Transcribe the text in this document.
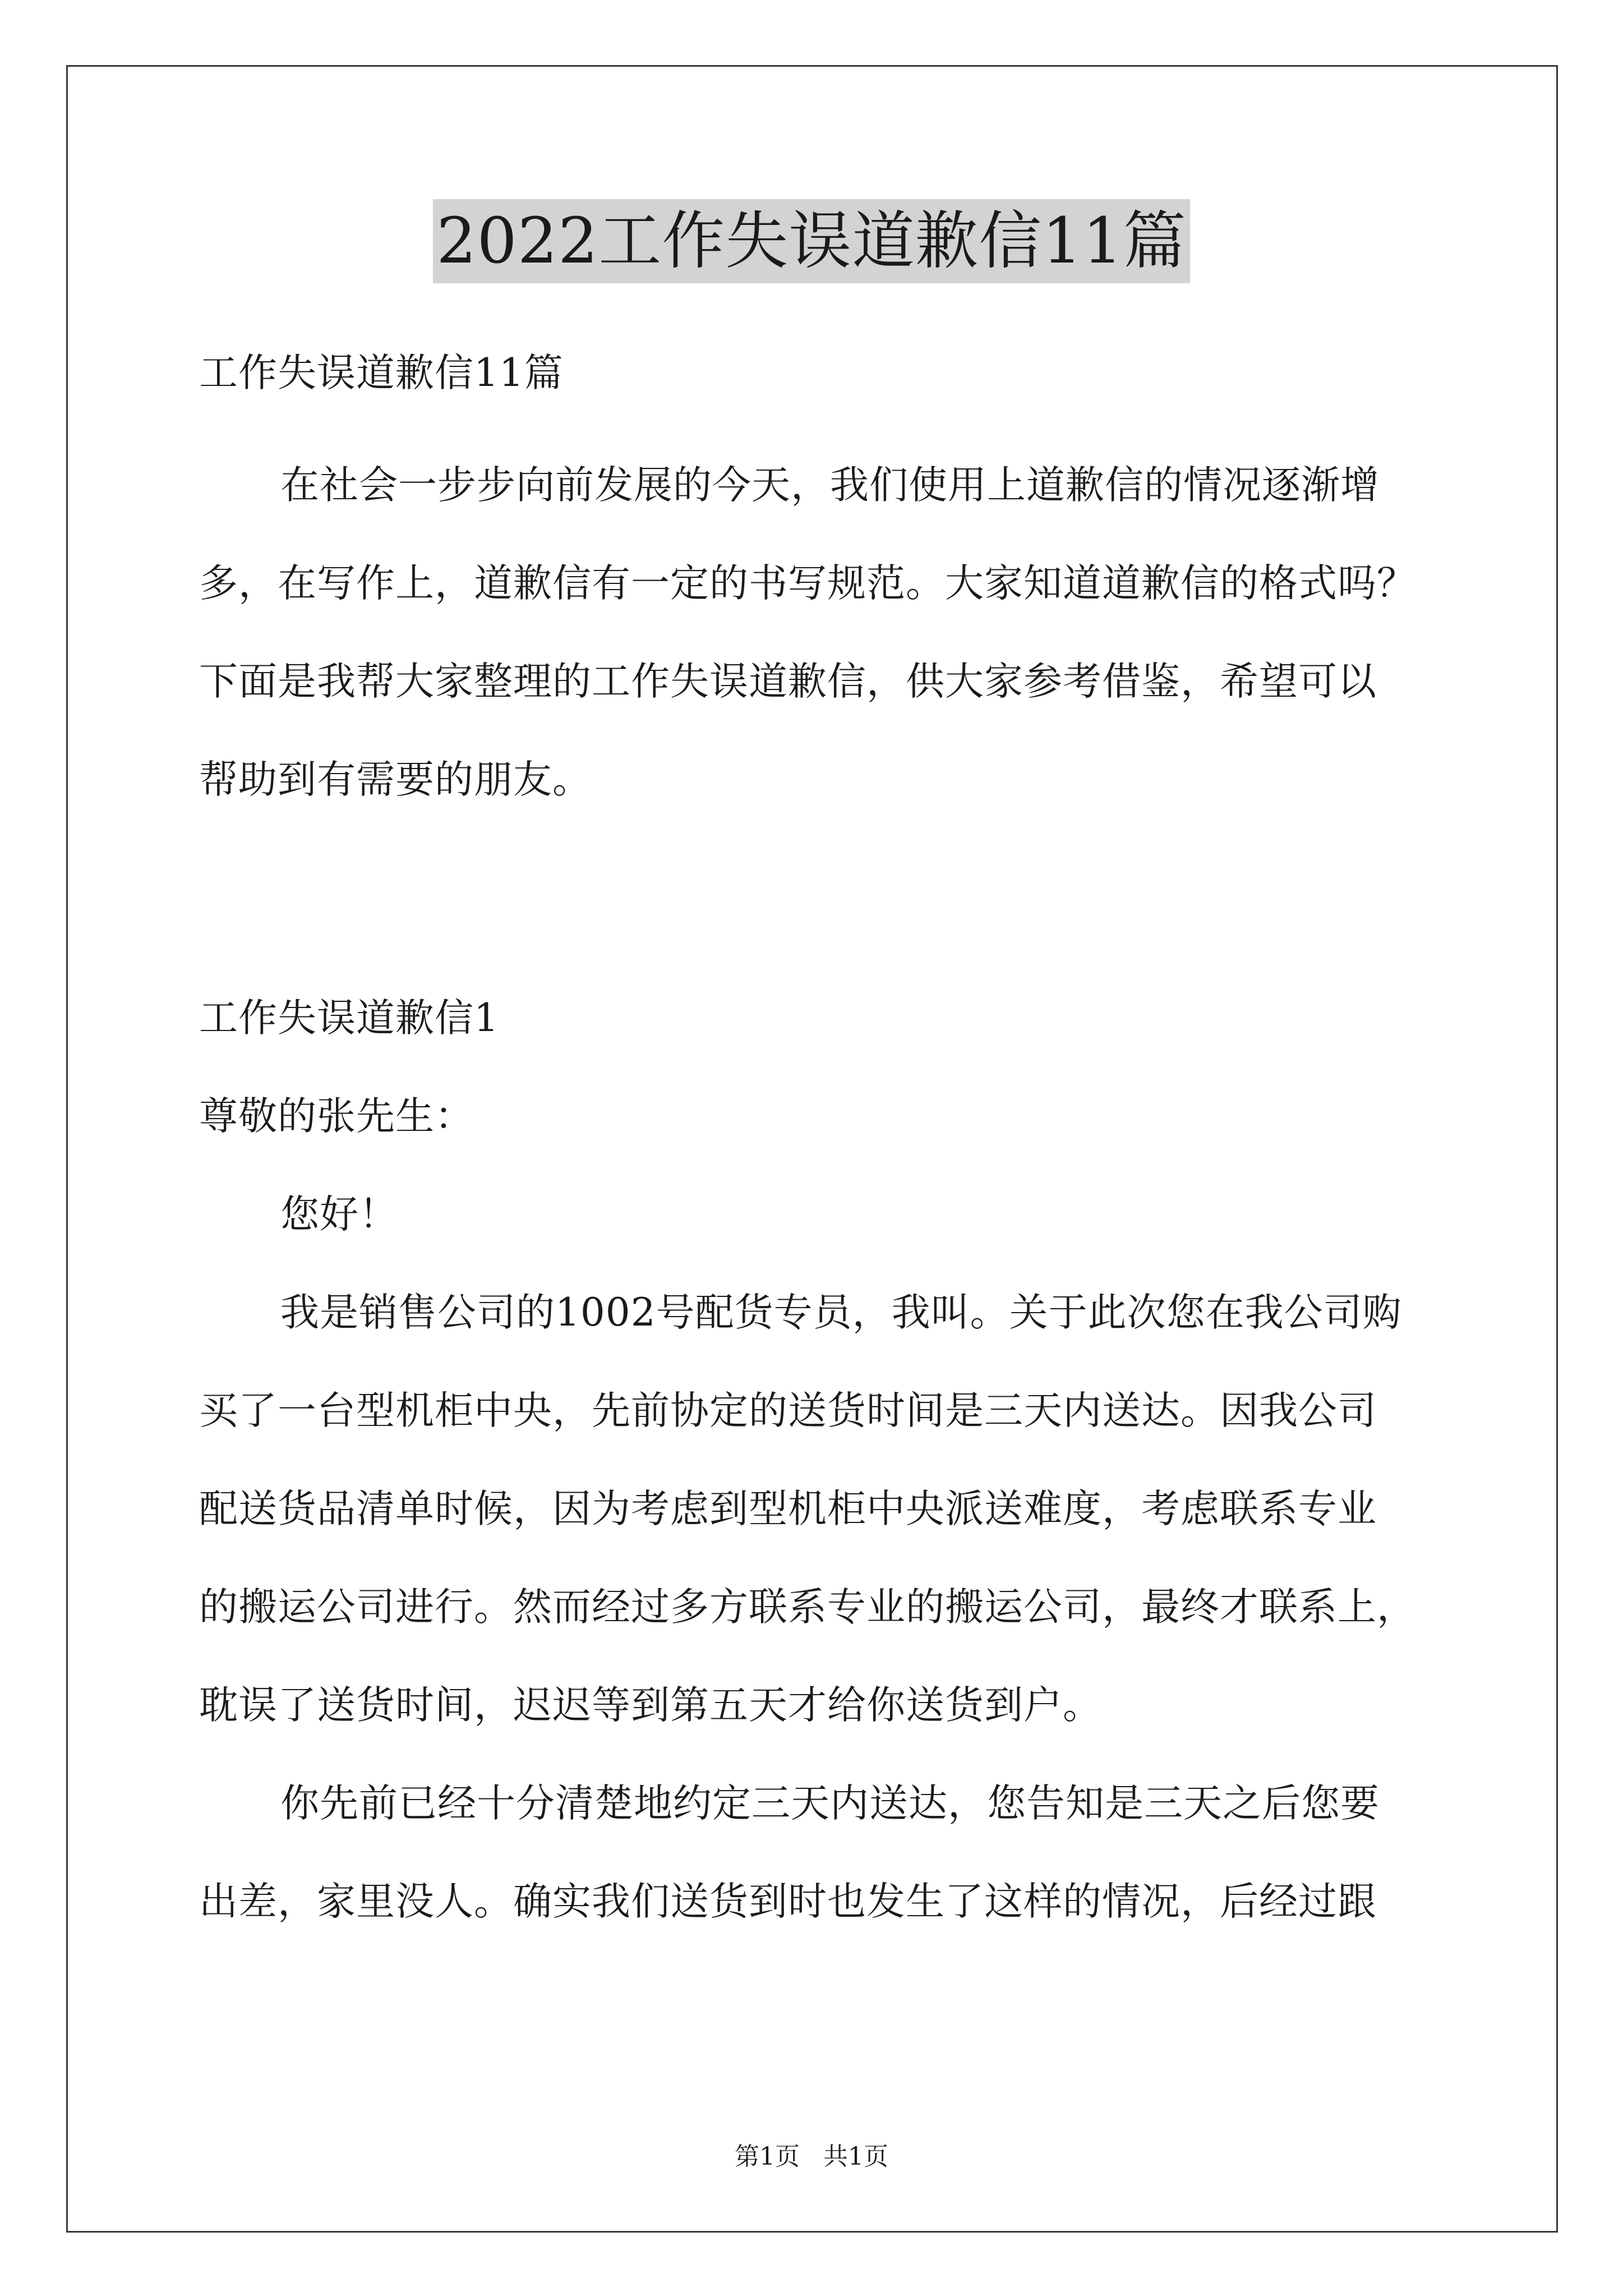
2022工作失误道歉信11篇
工作失误道歉信11篇
在社会一步步向前发展的今天，我们使用上道歉信的情况逐渐增
多，在写作上，道歉信有一定的书写规范。大家知道道歉信的格式吗？
下面是我帮大家整理的工作失误道歉信，供大家参考借鉴，希望可以
帮助到有需要的朋友。
工作失误道歉信1
尊敬的张先生：
您好！
我是销售公司的1002号配货专员，我叫。关于此次您在我公司购
买了一台型机柜中央，先前协定的送货时间是三天内送达。因我公司
配送货品清单时候，因为考虑到型机柜中央派送难度，考虑联系专业
的搬运公司进行。然而经过多方联系专业的搬运公司，最终才联系上，
耽误了送货时间，迟迟等到第五天才给你送货到户。
你先前已经十分清楚地约定三天内送达，您告知是三天之后您要
出差，家里没人。确实我们送货到时也发生了这样的情况，后经过跟
第1页   共1页
